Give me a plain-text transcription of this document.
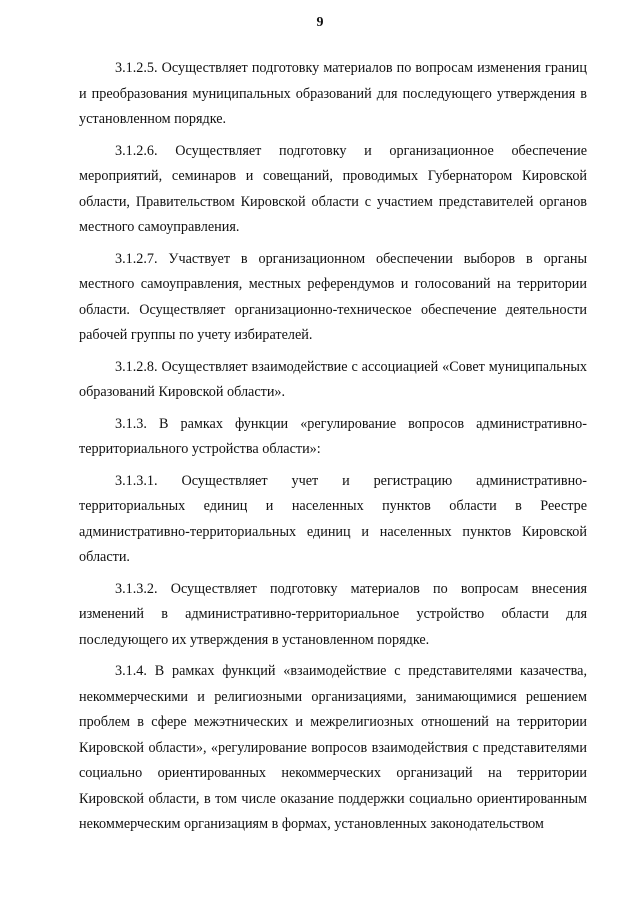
9

3.1.2.5. Осуществляет подготовку материалов по вопросам изменения границ и преобразования муниципальных образований для последующего утверждения в установленном порядке.

3.1.2.6. Осуществляет подготовку и организационное обеспечение мероприятий, семинаров и совещаний, проводимых Губернатором Кировской области, Правительством Кировской области с участием представителей органов местного самоуправления.

3.1.2.7. Участвует в организационном обеспечении выборов в органы местного самоуправления, местных референдумов и голосований на территории области. Осуществляет организационно-техническое обеспечение деятельности рабочей группы по учету избирателей.

3.1.2.8. Осуществляет взаимодействие с ассоциацией «Совет муниципальных образований Кировской области».

3.1.3. В рамках функции «регулирование вопросов административно-территориального устройства области»:

3.1.3.1. Осуществляет учет и регистрацию административно-территориальных единиц и населенных пунктов области в Реестре административно-территориальных единиц и населенных пунктов Кировской области.

3.1.3.2. Осуществляет подготовку материалов по вопросам внесения изменений в административно-территориальное устройство области для последующего их утверждения в установленном порядке.

3.1.4. В рамках функций «взаимодействие с представителями казачества, некоммерческими и религиозными организациями, занимающимися решением проблем в сфере межэтнических и межрелигиозных отношений на территории Кировской области», «регулирование вопросов взаимодействия с представителями социально ориентированных некоммерческих организаций на территории Кировской области, в том числе оказание поддержки социально ориентированным некоммерческим организациям в формах, установленных законодательством
